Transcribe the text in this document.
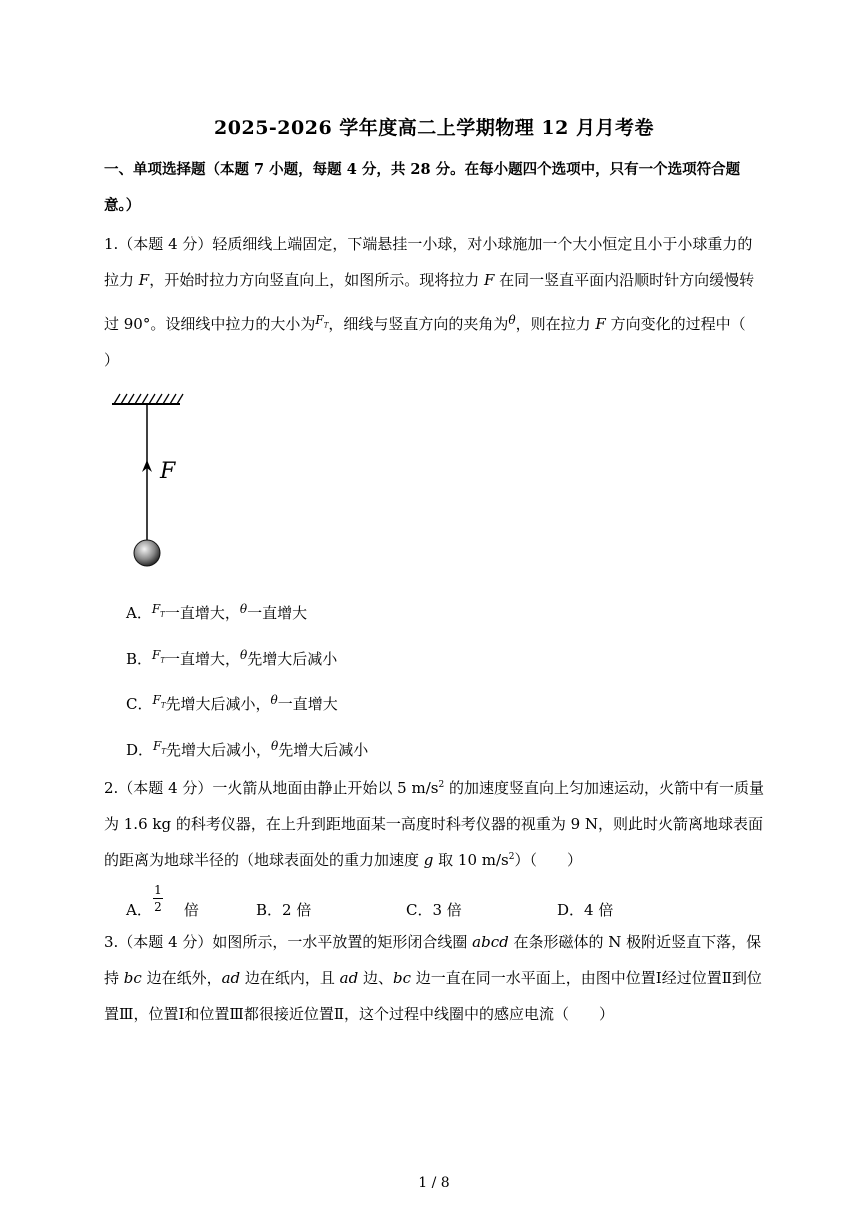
2025-2026 学年度高二上学期物理 12 月月考卷
一、单项选择题（本题 7 小题，每题 4 分，共 28 分。在每小题四个选项中，只有一个选项符合题
意。）
1.（本题 4 分）轻质细线上端固定，下端悬挂一小球，对小球施加一个大小恒定且小于小球重力的
拉力 F，开始时拉力方向竖直向上，如图所示。现将拉力 F 在同一竖直平面内沿顺时针方向缓慢转
过 90°。设细线中拉力的大小为$^{F_T}$，细线与竖直方向的夹角为$^\theta$，则在拉力 F 方向变化的过程中（
）
F
A．$^{F_T}$一直增大，$^\theta$一直增大
B．$^{F_T}$一直增大，$^\theta$先增大后减小
C．$^{F_T}$先增大后减小，$^\theta$一直增大
D．$^{F_T}$先增大后减小，$^\theta$先增大后减小
2.（本题 4 分）一火箭从地面由静止开始以 5 $m/s^2$ 的加速度竖直向上匀加速运动，火箭中有一质量
为 1.6 kg 的科考仪器，在上升到距地面某一高度时科考仪器的视重为 9 N，则此时火箭离地球表面
的距离为地球半径的（地球表面处的重力加速度 g 取 10 $m/s^2$）（　　）
A． 倍
1
2	B．2 倍	C．3 倍	D．4 倍
3.（本题 4 分）如图所示，一水平放置的矩形闭合线圈 abcd 在条形磁体的 N 极附近竖直下落，保
持 bc 边在纸外，ad 边在纸内，且 ad 边、bc 边一直在同一水平面上，由图中位置Ⅰ经过位置Ⅱ到位
置Ⅲ，位置Ⅰ和位置Ⅲ都很接近位置Ⅱ，这个过程中线圈中的感应电流（　　）
1 / 8
